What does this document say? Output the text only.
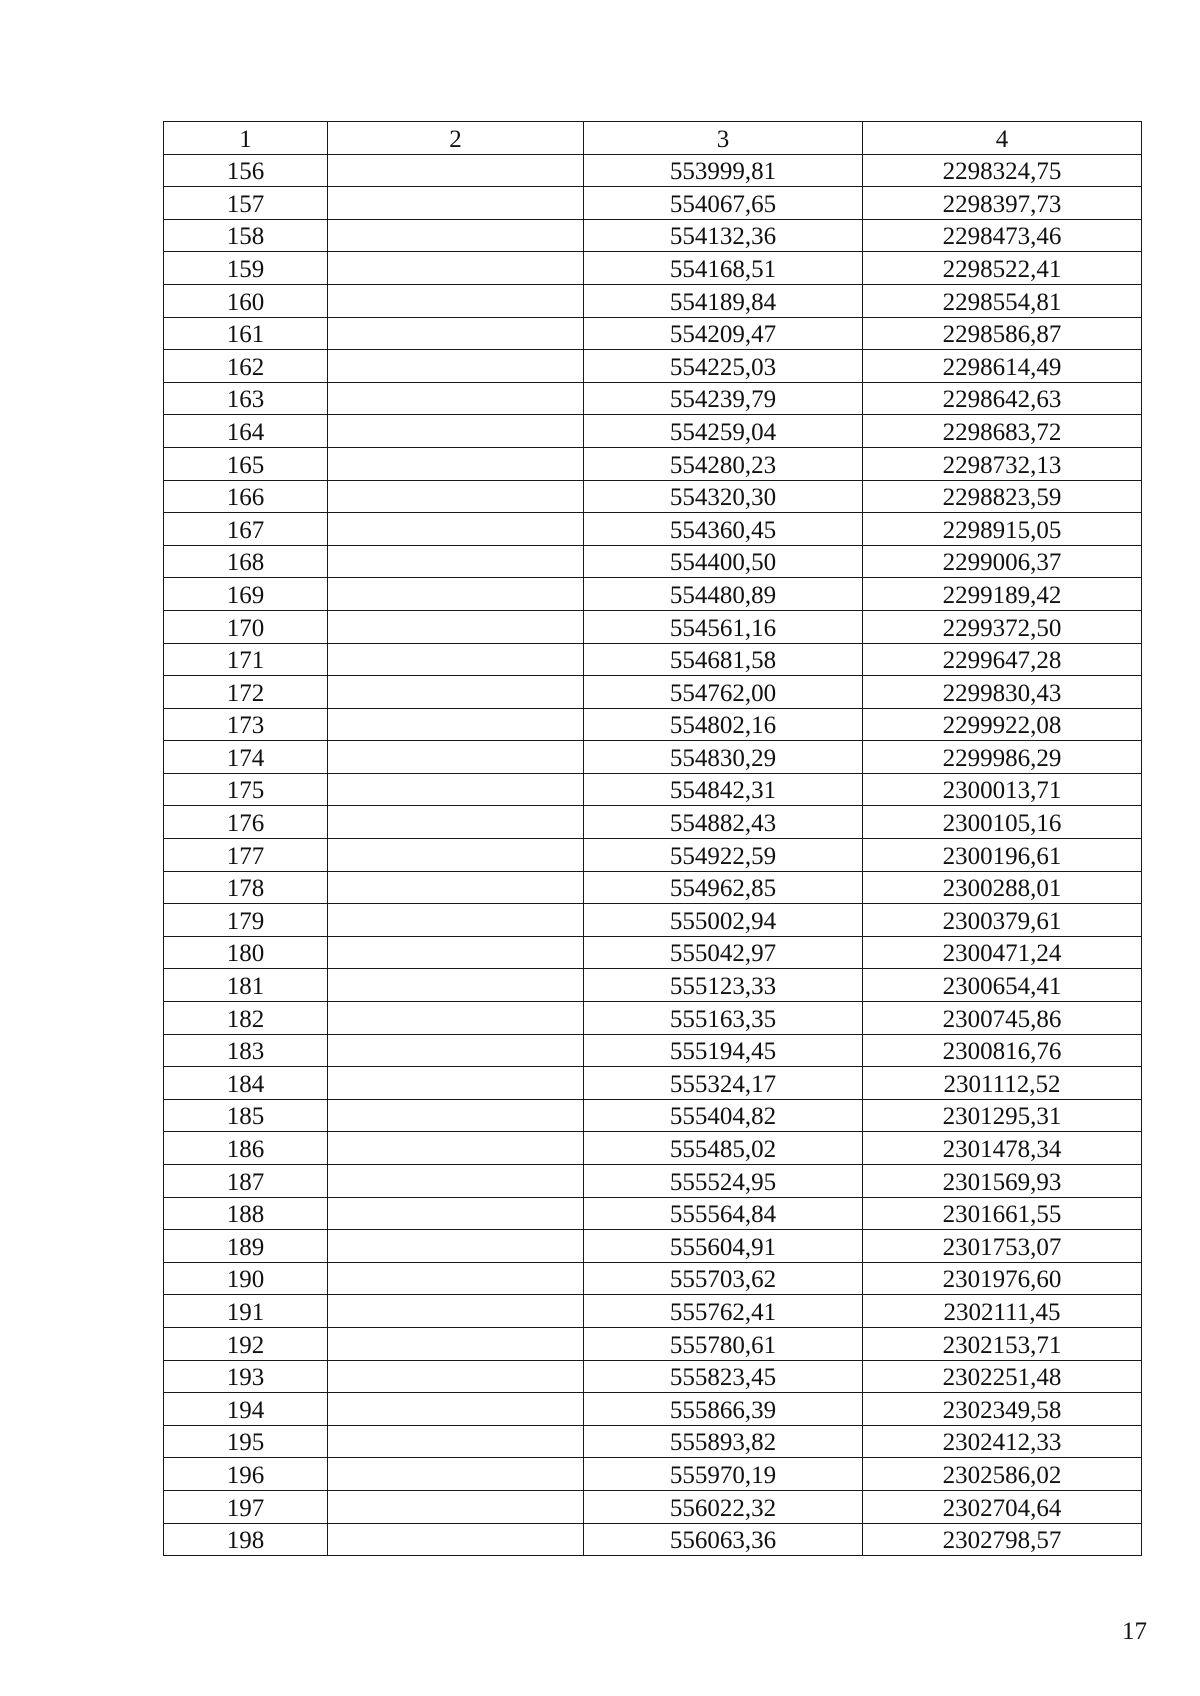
1	2	3	4
156		553999,81	2298324,75
157		554067,65	2298397,73
158		554132,36	2298473,46
159		554168,51	2298522,41
160		554189,84	2298554,81
161		554209,47	2298586,87
162		554225,03	2298614,49
163		554239,79	2298642,63
164		554259,04	2298683,72
165		554280,23	2298732,13
166		554320,30	2298823,59
167		554360,45	2298915,05
168		554400,50	2299006,37
169		554480,89	2299189,42
170		554561,16	2299372,50
171		554681,58	2299647,28
172		554762,00	2299830,43
173		554802,16	2299922,08
174		554830,29	2299986,29
175		554842,31	2300013,71
176		554882,43	2300105,16
177		554922,59	2300196,61
178		554962,85	2300288,01
179		555002,94	2300379,61
180		555042,97	2300471,24
181		555123,33	2300654,41
182		555163,35	2300745,86
183		555194,45	2300816,76
184		555324,17	2301112,52
185		555404,82	2301295,31
186		555485,02	2301478,34
187		555524,95	2301569,93
188		555564,84	2301661,55
189		555604,91	2301753,07
190		555703,62	2301976,60
191		555762,41	2302111,45
192		555780,61	2302153,71
193		555823,45	2302251,48
194		555866,39	2302349,58
195		555893,82	2302412,33
196		555970,19	2302586,02
197		556022,32	2302704,64
198		556063,36	2302798,57
17
